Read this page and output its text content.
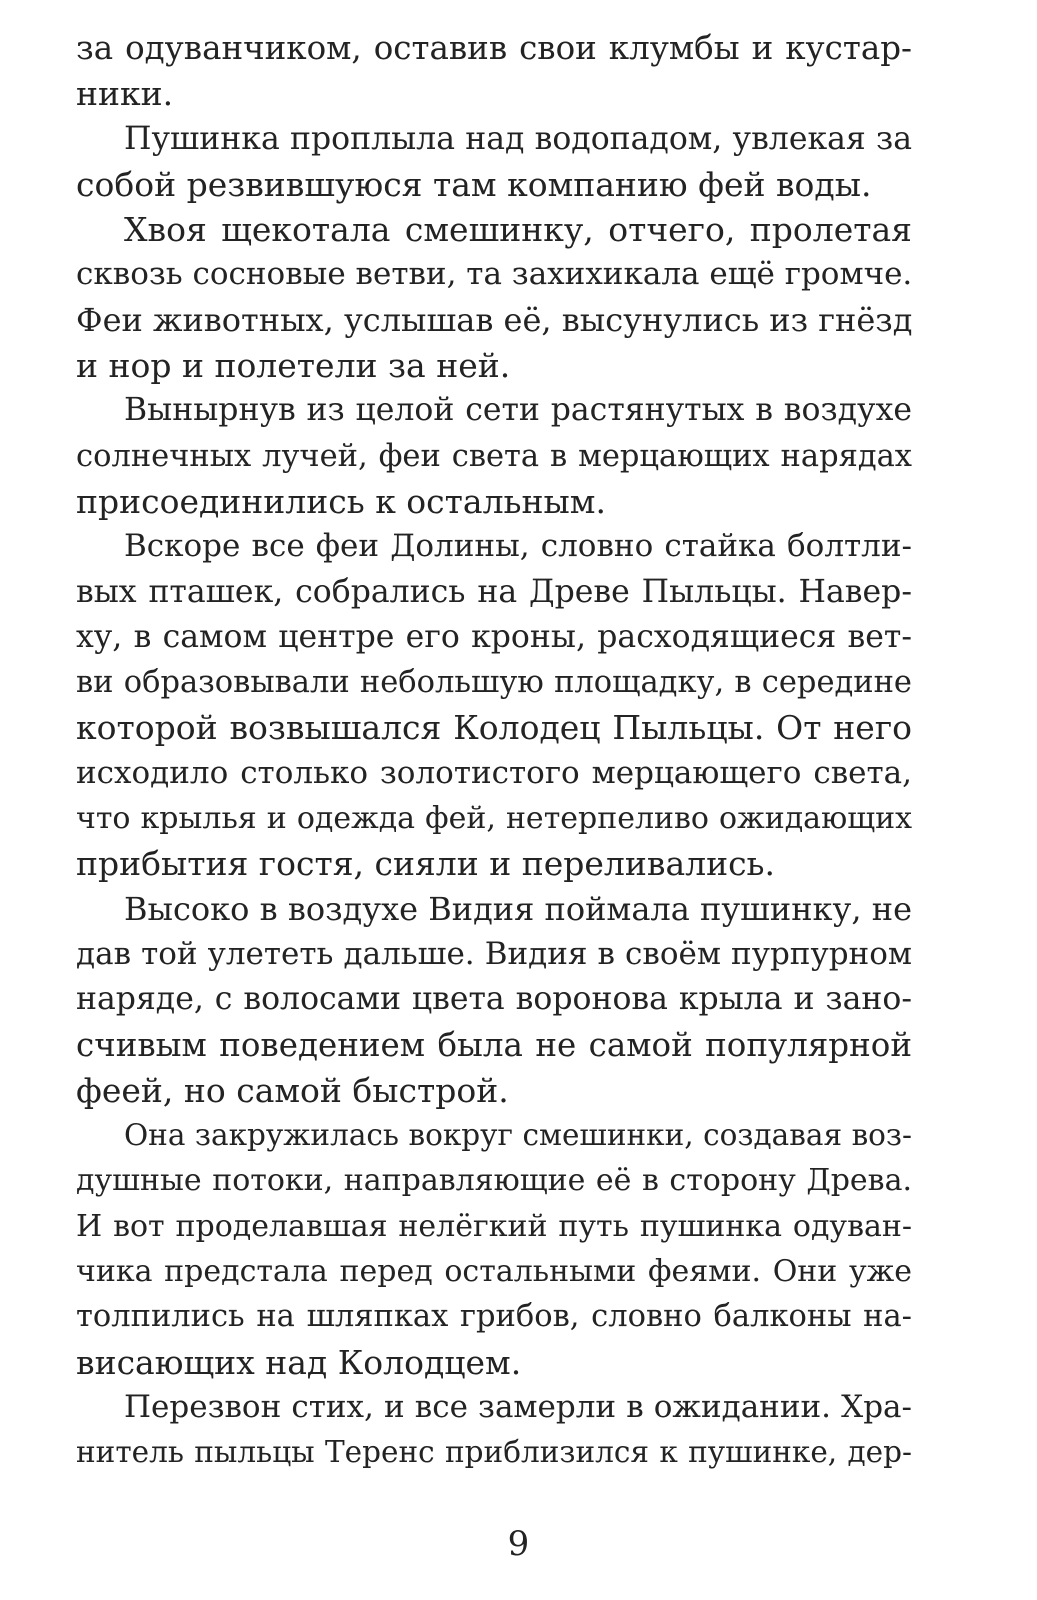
за одуванчиком, оставив свои клумбы и кустар-
ники.
Пушинка проплыла над водопадом, увлекая за
собой резвившуюся там компанию фей воды.
Хвоя щекотала смешинку, отчего, пролетая
сквозь сосновые ветви, та захихикала ещё громче.
Феи животных, услышав её, высунулись из гнёзд
и нор и полетели за ней.
Вынырнув из целой сети растянутых в воздухе
солнечных лучей, феи света в мерцающих нарядах
присоединились к остальным.
Вскоре все феи Долины, словно стайка болтли-
вых пташек, собрались на Древе Пыльцы. Навер-
ху, в самом центре его кроны, расходящиеся вет-
ви образовывали небольшую площадку, в середине
которой возвышался Колодец Пыльцы. От него
исходило столько золотистого мерцающего света,
что крылья и одежда фей, нетерпеливо ожидающих
прибытия гостя, сияли и переливались.
Высоко в воздухе Видия поймала пушинку, не
дав той улететь дальше. Видия в своём пурпурном
наряде, с волосами цвета воронова крыла и зано-
счивым поведением была не самой популярной
феей, но самой быстрой.
Она закружилась вокруг смешинки, создавая воз-
душные потоки, направляющие её в сторону Древа.
И вот проделавшая нелёгкий путь пушинка одуван-
чика предстала перед остальными феями. Они уже
толпились на шляпках грибов, словно балконы на-
висающих над Колодцем.
Перезвон стих, и все замерли в ожидании. Хра-
нитель пыльцы Теренс приблизился к пушинке, дер-
9
